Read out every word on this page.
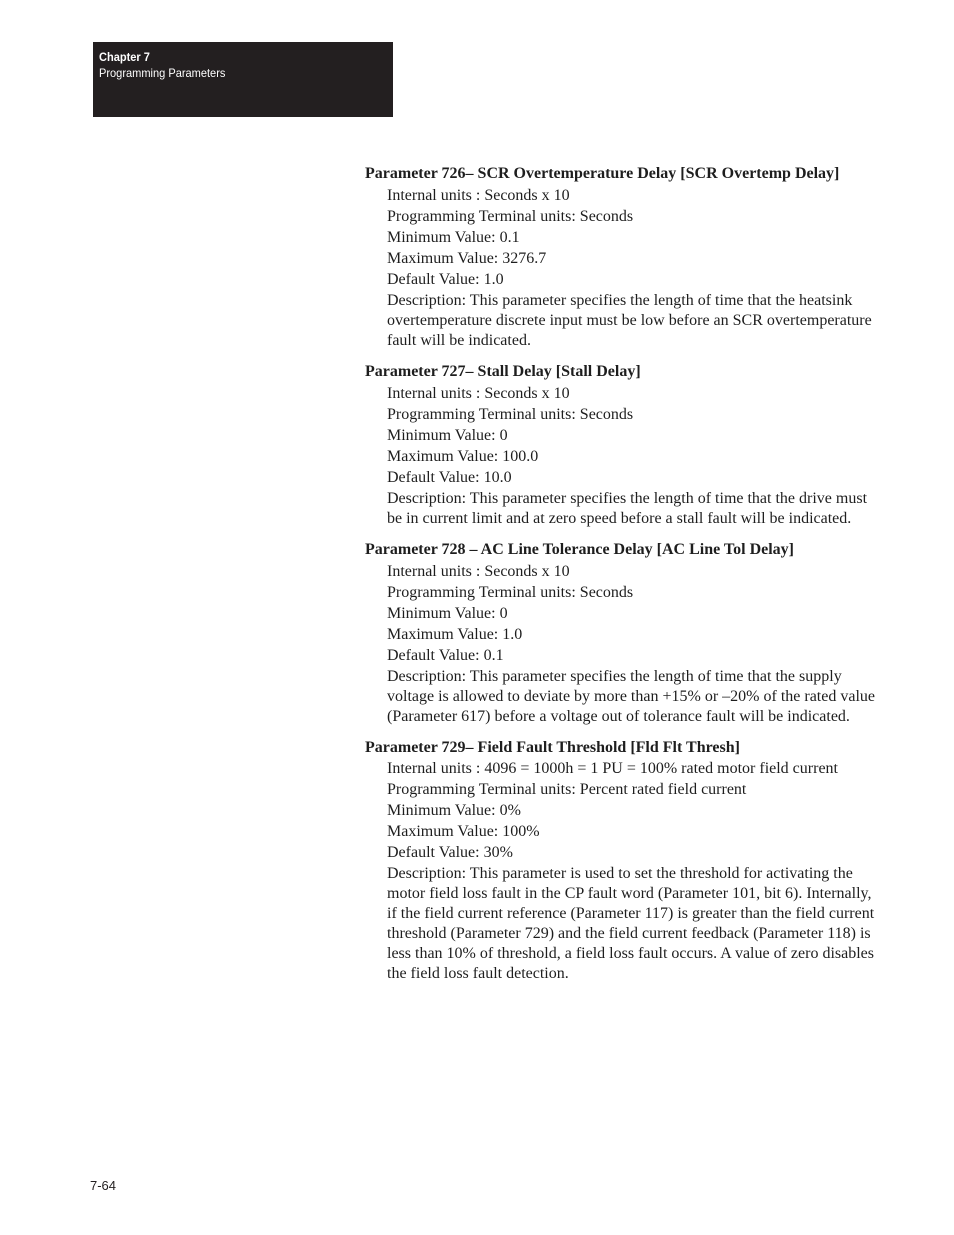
Chapter 7
Programming Parameters
Parameter 726– SCR Overtemperature Delay [SCR Overtemp Delay]

Internal units : Seconds x 10

Programming Terminal units: Seconds

Minimum Value: 0.1

Maximum Value: 3276.7

Default Value: 1.0

Description: This parameter specifies the length of time that the heatsink overtemperature discrete input must be low before an SCR overtemperature fault will be indicated.

Parameter 727– Stall Delay [Stall Delay]

Internal units : Seconds x 10

Programming Terminal units: Seconds

Minimum Value: 0

Maximum Value: 100.0

Default Value: 10.0

Description: This parameter specifies the length of time that the drive must be in current limit and at zero speed before a stall fault will be indicated.

Parameter 728 – AC Line Tolerance Delay [AC Line Tol Delay]

Internal units : Seconds x 10

Programming Terminal units: Seconds

Minimum Value: 0

Maximum Value: 1.0

Default Value: 0.1

Description: This parameter specifies the length of time that the supply voltage is allowed to deviate by more than +15% or –20% of the rated value (Parameter 617) before a voltage out of tolerance fault will be indicated.

Parameter 729– Field Fault Threshold [Fld Flt Thresh]

Internal units : 4096 = 1000h = 1 PU = 100% rated motor field current

Programming Terminal units: Percent rated field current

Minimum Value: 0%

Maximum Value: 100%

Default Value: 30%

Description: This parameter is used to set the threshold for activating the motor field loss fault in the CP fault word (Parameter 101, bit 6). Internally, if the field current reference (Parameter 117) is greater than the field current threshold (Parameter 729) and the field current feedback (Parameter 118) is less than 10% of threshold, a field loss fault occurs. A value of zero disables the field loss fault detection.

7-64
